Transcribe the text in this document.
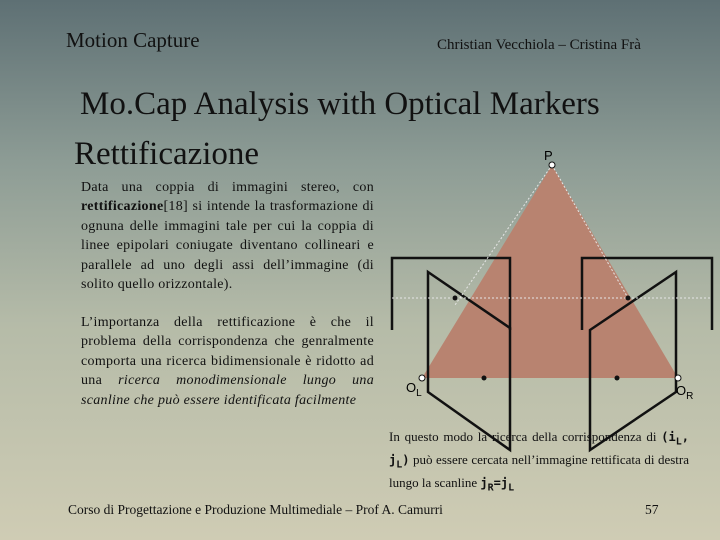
Motion Capture	Christian Vecchiola – Cristina Frà
Mo.Cap Analysis with Optical Markers
Rettificazione
Data una coppia di immagini stereo, con rettificazione[18] si intende la trasformazione di ognuna delle immagini tale per cui la coppia di linee epipolari coniugate diventano collineari e parallele ad uno degli assi dell’immagine (di solito quello orizzontale).
L’importanza della rettificazione è che il problema della corrispondenza che genralmente comporta una ricerca bidimensionale è ridotto ad una ricerca monodimensionale lungo una scanline che può essere identificata facilmente
P
$O_L$	$O_R$
In questo modo la ricerca della corrispondenza di ($i_L$, $j_L$) può essere cercata nell’immagine rettificata di destra lungo la scanline $j_R=j_L$
Corso di Progettazione e Produzione Multimediale – Prof A. Camurri	57
